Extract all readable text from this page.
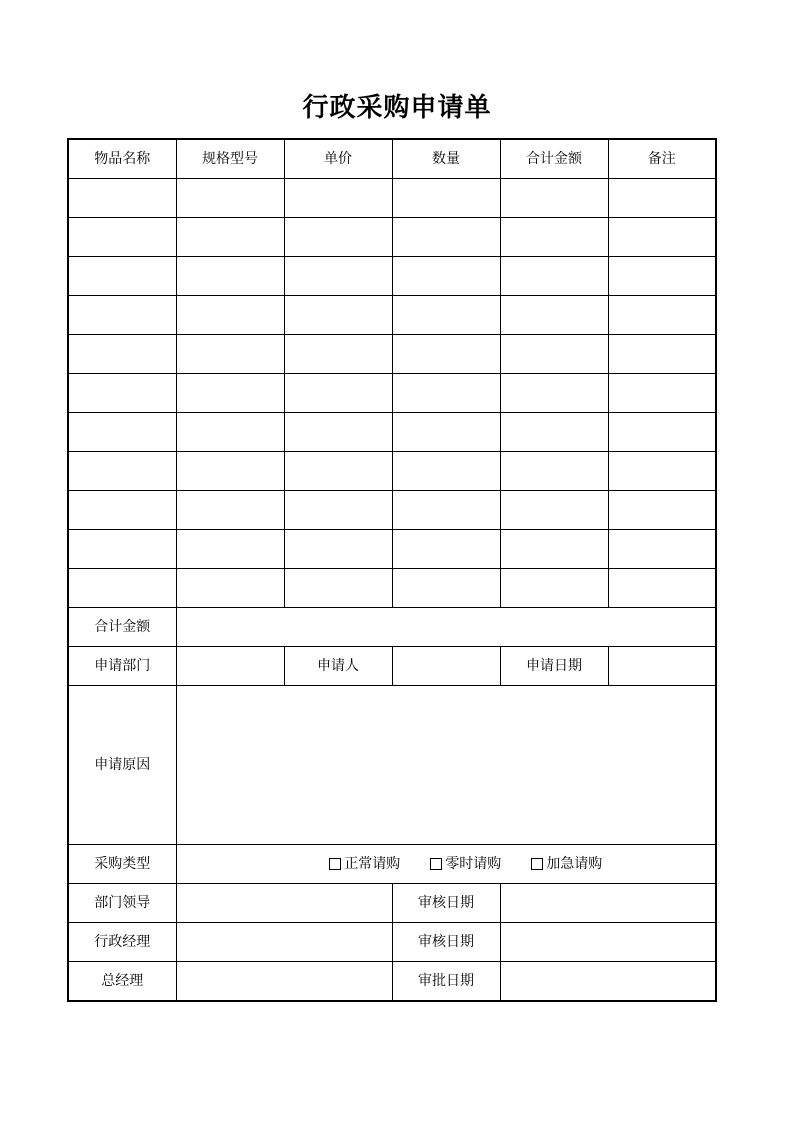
行政采购申请单
物品名称	规格型号	单价	数量	合计金额	备注

合计金额					
申请部门		申请人		申请日期	
申请原因					
采购类型	正常请购 零时请购 加急请购				

部门领导			审核日期		
行政经理			审核日期		
总经理			审批日期		
